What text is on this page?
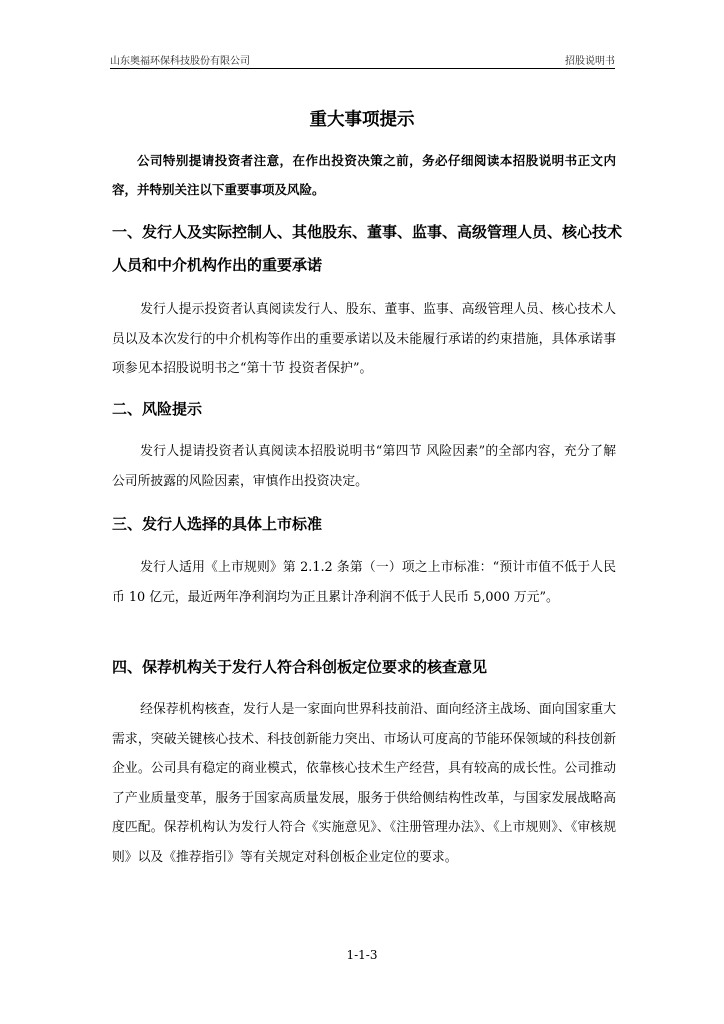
山东奥福环保科技股份有限公司	招股说明书
重大事项提示
公司特别提请投资者注意，在作出投资决策之前，务必仔细阅读本招股说明书正文内容，并特别关注以下重要事项及风险。
一、发行人及实际控制人、其他股东、董事、监事、高级管理人员、核心技术人员和中介机构作出的重要承诺
发行人提示投资者认真阅读发行人、股东、董事、监事、高级管理人员、核心技术人员以及本次发行的中介机构等作出的重要承诺以及未能履行承诺的约束措施，具体承诺事项参见本招股说明书之“第十节 投资者保护”。
二、风险提示
发行人提请投资者认真阅读本招股说明书“第四节 风险因素”的全部内容，充分了解公司所披露的风险因素，审慎作出投资决定。
三、发行人选择的具体上市标准
发行人适用《上市规则》第 2.1.2 条第（一）项之上市标准：“预计市值不低于人民币 10 亿元，最近两年净利润均为正且累计净利润不低于人民币 5,000 万元”。
四、保荐机构关于发行人符合科创板定位要求的核查意见
经保荐机构核查，发行人是一家面向世界科技前沿、面向经济主战场、面向国家重大需求，突破关键核心技术、科技创新能力突出、市场认可度高的节能环保领域的科技创新企业。公司具有稳定的商业模式，依靠核心技术生产经营，具有较高的成长性。公司推动了产业质量变革，服务于国家高质量发展，服务于供给侧结构性改革，与国家发展战略高度匹配。保荐机构认为发行人符合《实施意见》、《注册管理办法》、《上市规则》、《审核规则》以及《推荐指引》等有关规定对科创板企业定位的要求。
1-1-3
